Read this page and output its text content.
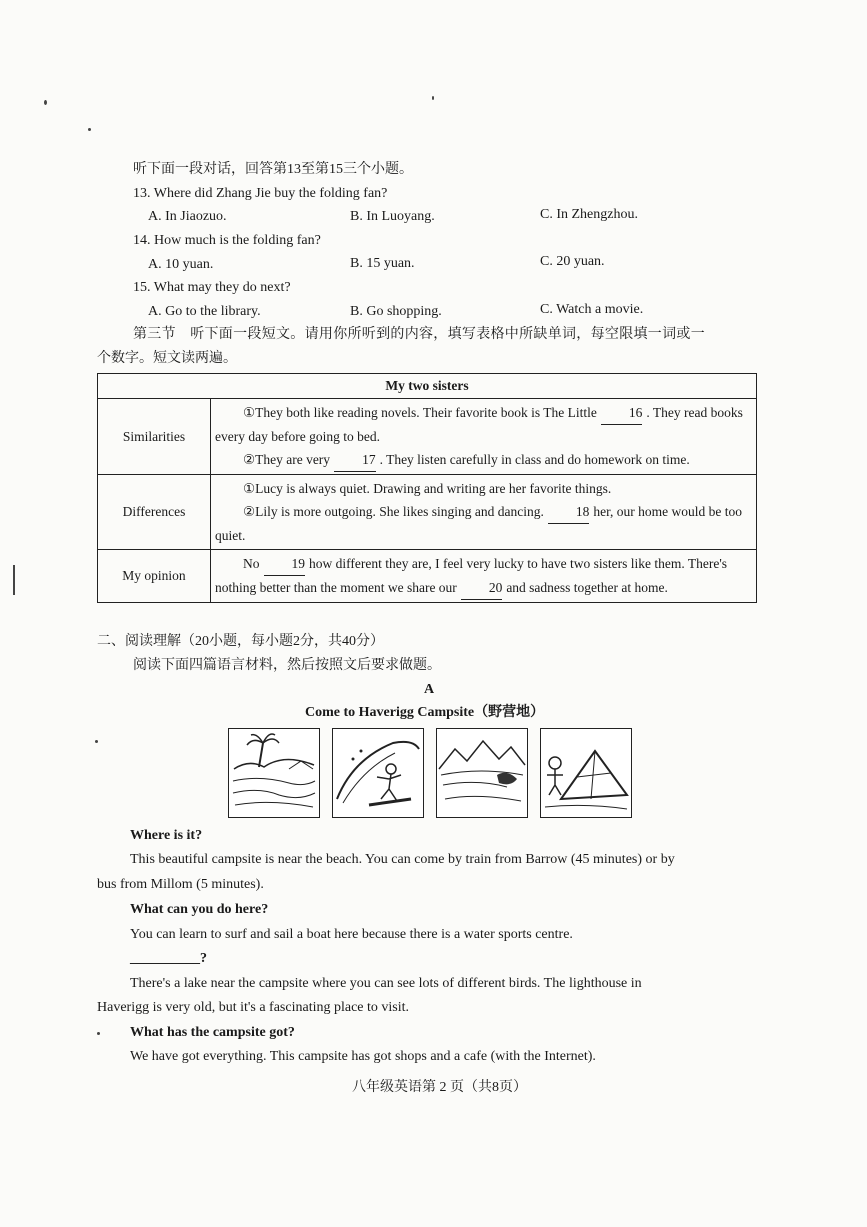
听下面一段对话，回答第13至第15三个小题。
13. Where did Zhang Jie buy the folding fan?
A. In Jiaozuo.	B. In Luoyang.	C. In Zhengzhou.
14. How much is the folding fan?
A. 10 yuan.	B. 15 yuan.	C. 20 yuan.
15. What may they do next?
A. Go to the library.	B. Go shopping.	C. Watch a movie.
第三节　听下面一段短文。请用你所听到的内容，填写表格中所缺单词，每空限填一词或一
个数字。短文读两遍。
My two sisters	
Similarities	①They both like reading novels. Their favorite book is The Little 16 . They read books every day before going to bed.
②They are very 17 . They listen carefully in class and do homework on time.

Differences	①Lucy is always quiet. Drawing and writing are her favorite things.
②Lily is more outgoing. She likes singing and dancing. 18 her, our home would be too quiet.

My opinion	No 19 how different they are, I feel very lucky to have two sisters like them. There's nothing better than the moment we share our 20 and sadness together at home.
二、阅读理解（20小题，每小题2分，共40分）
阅读下面四篇语言材料，然后按照文后要求做题。
A
Come to Haverigg Campsite（野营地）
Where is it?
This beautiful campsite is near the beach. You can come by train from Barrow (45 minutes) or by
bus from Millom (5 minutes).
What can you do here?
You can learn to surf and sail a boat here because there is a water sports centre.
__________?
There's a lake near the campsite where you can see lots of different birds. The lighthouse in
Haverigg is very old, but it's a fascinating place to visit.
What has the campsite got?
We have got everything. This campsite has got shops and a cafe (with the Internet).
八年级英语第 2 页（共8页）
